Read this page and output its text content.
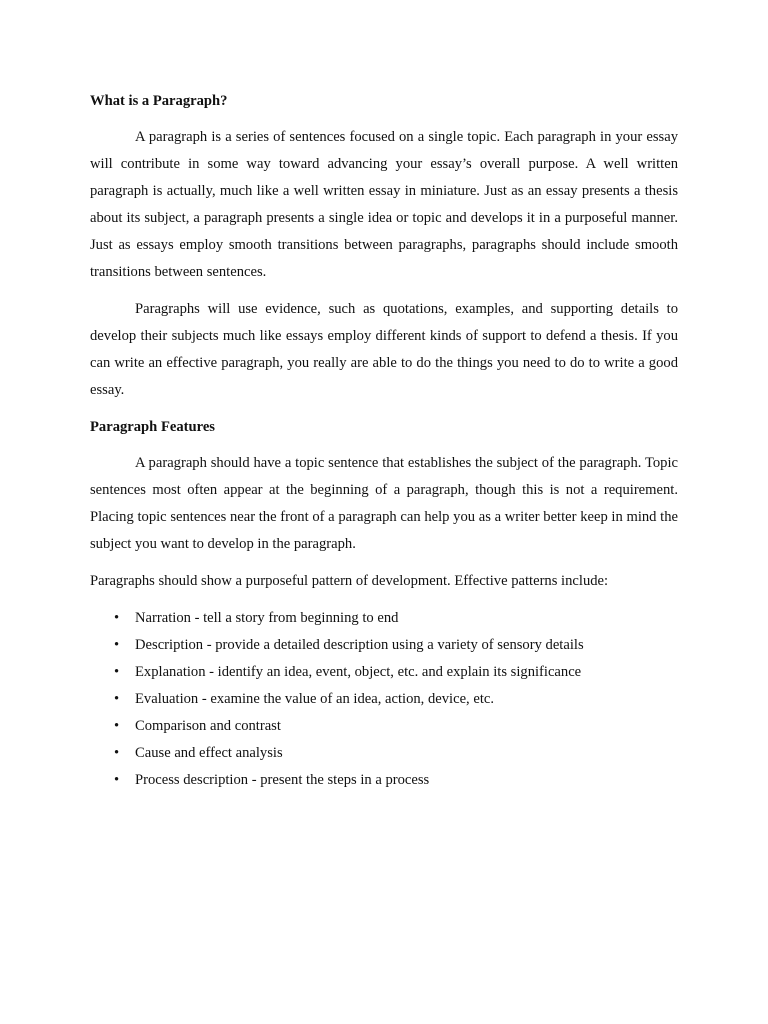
What is a Paragraph?

A paragraph is a series of sentences focused on a single topic. Each paragraph in your essay will contribute in some way toward advancing your essay’s overall purpose. A well written paragraph is actually, much like a well written essay in miniature. Just as an essay presents a thesis about its subject, a paragraph presents a single idea or topic and develops it in a purposeful manner. Just as essays employ smooth transitions between paragraphs, paragraphs should include smooth transitions between sentences.

Paragraphs will use evidence, such as quotations, examples, and supporting details to develop their subjects much like essays employ different kinds of support to defend a thesis. If you can write an effective paragraph, you really are able to do the things you need to do to write a good essay.

Paragraph Features

A paragraph should have a topic sentence that establishes the subject of the paragraph. Topic sentences most often appear at the beginning of a paragraph, though this is not a requirement. Placing topic sentences near the front of a paragraph can help you as a writer better keep in mind the subject you want to develop in the paragraph.

Paragraphs should show a purposeful pattern of development. Effective patterns include:

• Narration - tell a story from beginning to end
• Description - provide a detailed description using a variety of sensory details
• Explanation - identify an idea, event, object, etc. and explain its significance
• Evaluation - examine the value of an idea, action, device, etc.
• Comparison and contrast
• Cause and effect analysis
• Process description - present the steps in a process
